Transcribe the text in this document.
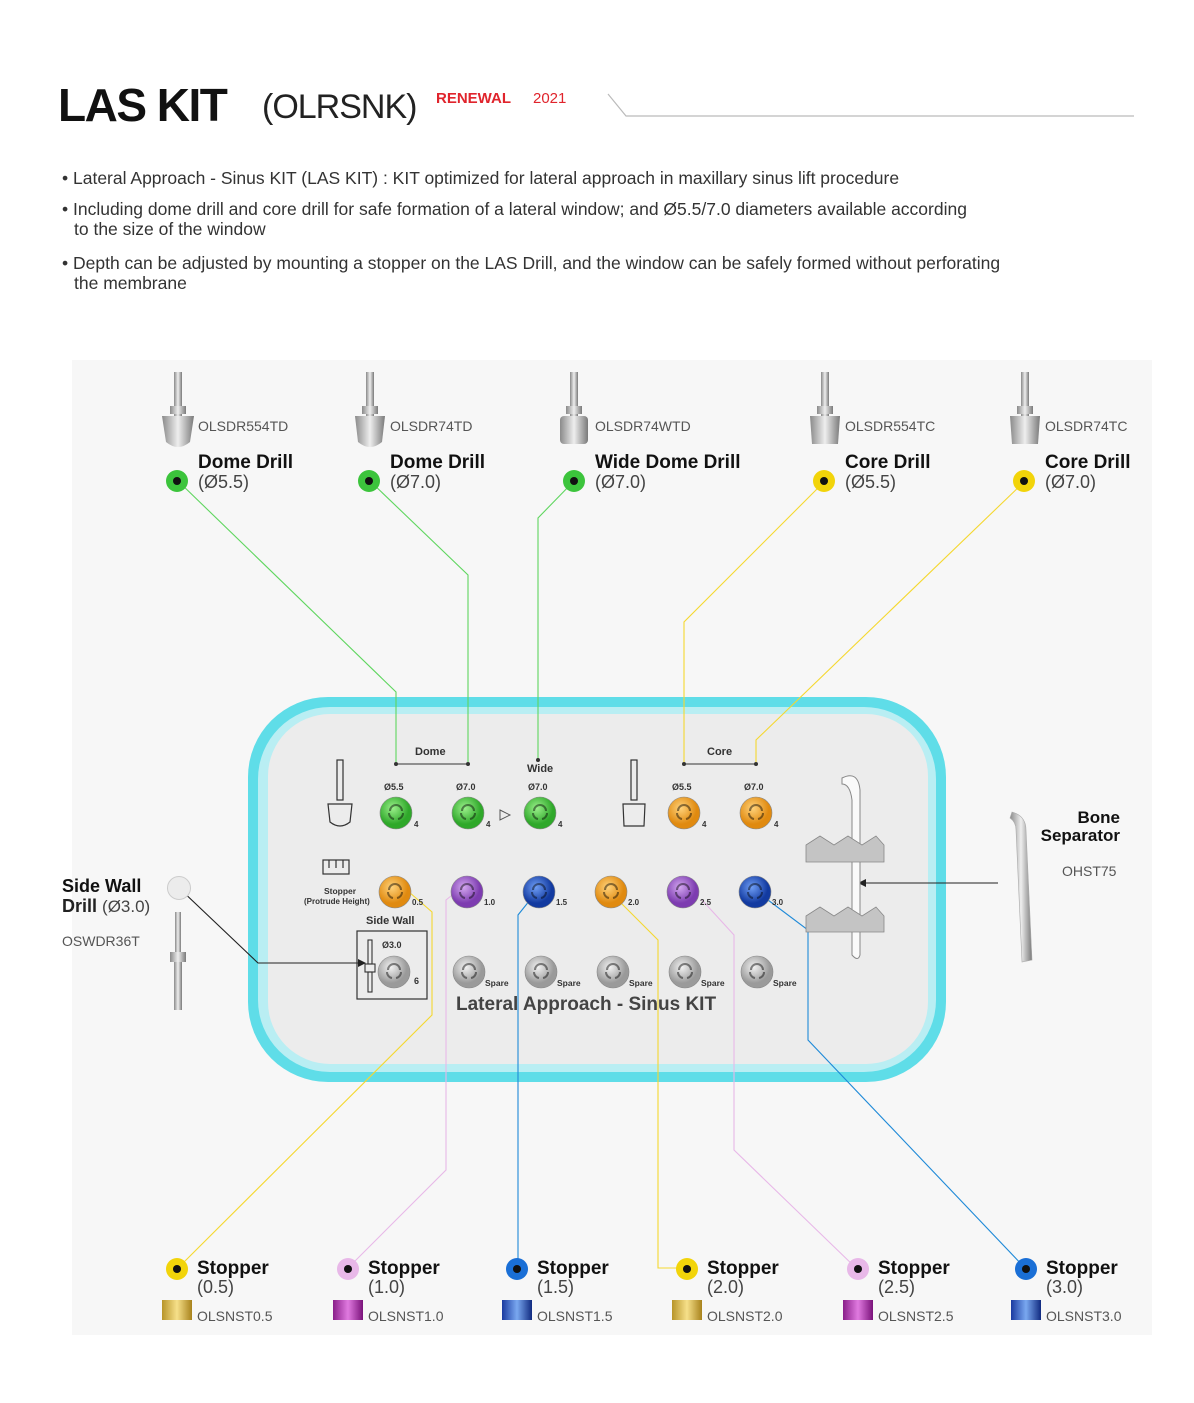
LAS KIT (OLRSNK) RENEWAL 2021
• Lateral Approach - Sinus KIT (LAS KIT) : KIT optimized for lateral approach in maxillary sinus lift procedure
• Including dome drill and core drill for safe formation of a lateral window; and Ø5.5/7.0 diameters available according to the size of the window
• Depth can be adjusted by mounting a stopper on the LAS Drill, and the window can be safely formed without perforating the membrane
Dome
Wide
Core
Ø5.5	Ø7.0	Ø7.0	Ø5.5	Ø7.0
Stopper
(Protrude Height)
Side Wall
Ø3.0
6
Lateral Approach - Sinus KIT
4	4	4	4	4
0.5	1.0	1.5	2.0	2.5	3.0
Spare	Spare	Spare	Spare	Spare
OLSDR554TD
Dome Drill
(Ø5.5)
OLSDR74TD
Dome Drill
(Ø7.0)
OLSDR74WTD
Wide Dome Drill
(Ø7.0)
OLSDR554TC
Core Drill
(Ø5.5)
OLSDR74TC
Core Drill
(Ø7.0)
Side Wall
Drill (Ø3.0)
OSWDR36T
Bone
Separator
OHST75
Stopper
(0.5)
OLSNST0.5
Stopper
(1.0)
OLSNST1.0
Stopper
(1.5)
OLSNST1.5
Stopper
(2.0)
OLSNST2.0
Stopper
(2.5)
OLSNST2.5
Stopper
(3.0)
OLSNST3.0
